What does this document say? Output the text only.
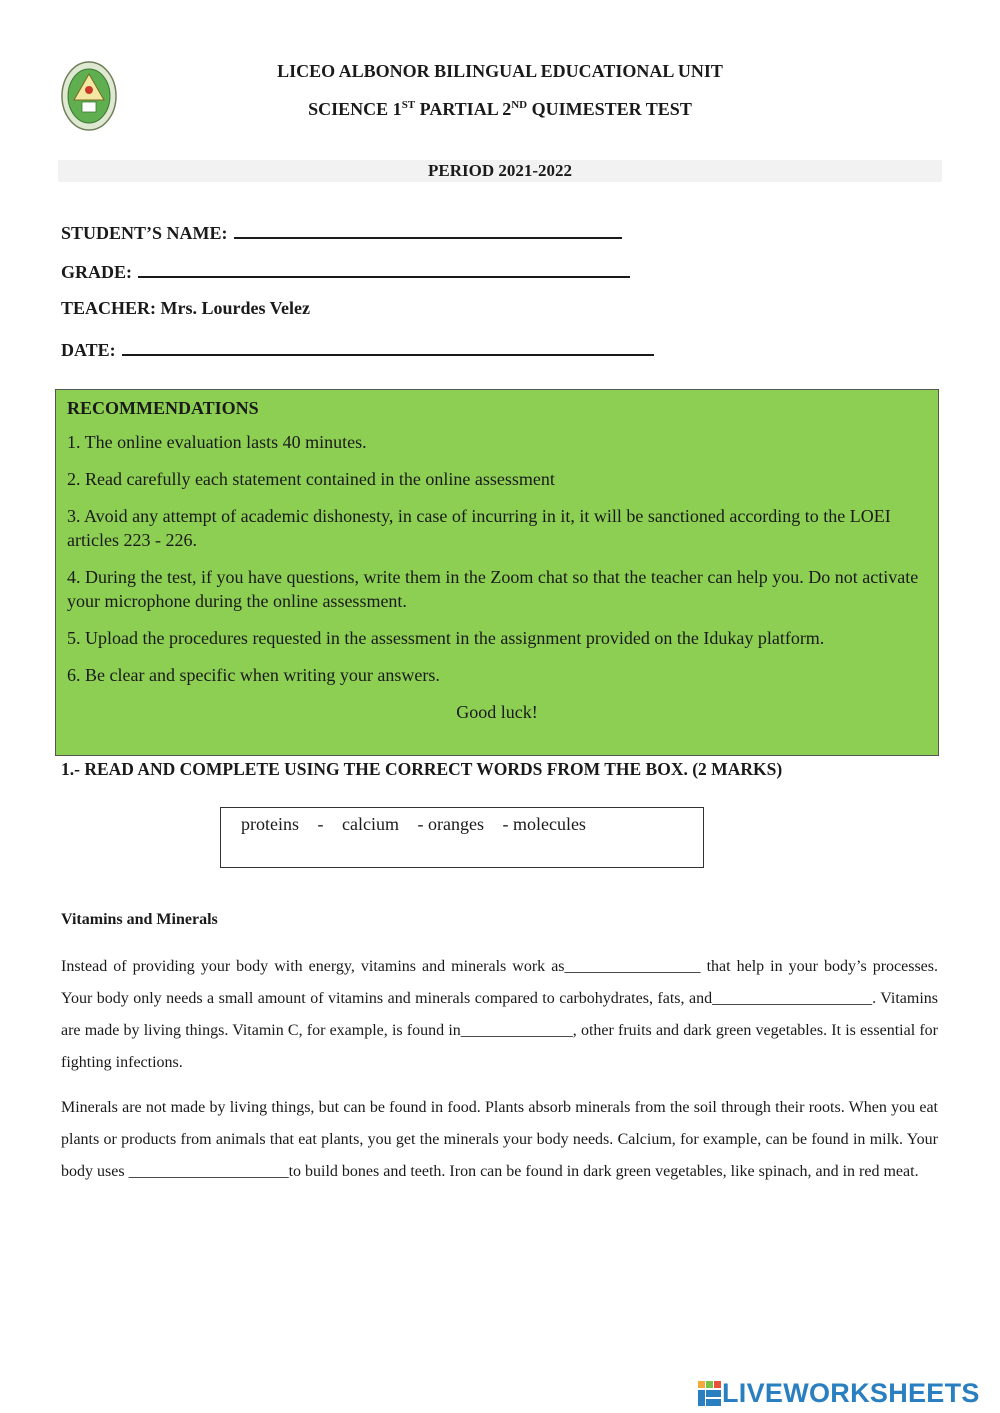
LICEO ALBONOR BILINGUAL EDUCATIONAL UNIT
SCIENCE 1ST PARTIAL 2ND QUIMESTER TEST
PERIOD 2021-2022
STUDENT’S NAME:
GRADE:
TEACHER: Mrs. Lourdes Velez
DATE:
RECOMMENDATIONS
1. The online evaluation lasts 40 minutes.
2. Read carefully each statement contained in the online assessment
3. Avoid any attempt of academic dishonesty, in case of incurring in it, it will be sanctioned according to the LOEI articles 223 - 226.
4. During the test, if you have questions, write them in the Zoom chat so that the teacher can help you. Do not activate your microphone during the online assessment.
5. Upload the procedures requested in the assessment in the assignment provided on the Idukay platform.
6. Be clear and specific when writing your answers.
Good luck!
1.- READ AND COMPLETE USING THE CORRECT WORDS FROM THE BOX. (2 MARKS)
proteins - calcium - oranges - molecules
Vitamins and Minerals
Instead of providing your body with energy, vitamins and minerals work as_________________ that help in your body’s processes. Your body only needs a small amount of vitamins and minerals compared to carbohydrates, fats, and____________________. Vitamins are made by living things. Vitamin C, for example, is found in______________, other fruits and dark green vegetables. It is essential for fighting infections.
Minerals are not made by living things, but can be found in food. Plants absorb minerals from the soil through their roots. When you eat plants or products from animals that eat plants, you get the minerals your body needs. Calcium, for example, can be found in milk. Your body uses ____________________to build bones and teeth. Iron can be found in dark green vegetables, like spinach, and in red meat.
LIVEWORKSHEETS
